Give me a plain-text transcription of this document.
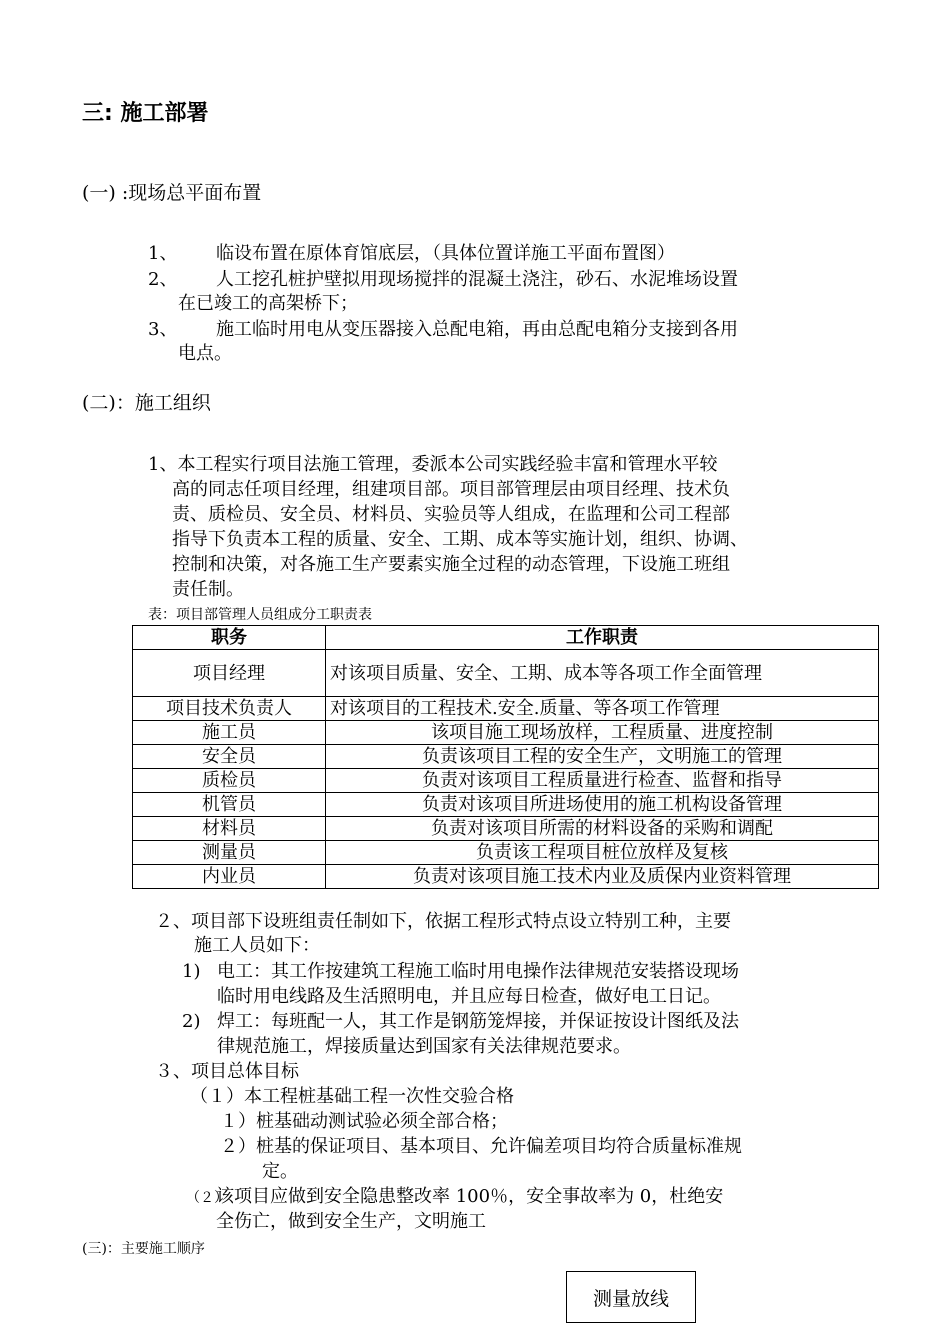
三: 施工部署
(一) :现场总平面布置
1、 临设布置在原体育馆底层，（具体位置详施工平面布置图）
2、 人工挖孔桩护壁拟用现场搅拌的混凝土浇注，砂石、水泥堆场设置
在已竣工的高架桥下；
3、 施工临时用电从变压器接入总配电箱，再由总配电箱分支接到各用
电点。
(二)：施工组织
1、本工程实行项目法施工管理，委派本公司实践经验丰富和管理水平较
高的同志任项目经理，组建项目部。项目部管理层由项目经理、技术负
责、质检员、安全员、材料员、实验员等人组成，在监理和公司工程部
指导下负责本工程的质量、安全、工期、成本等实施计划，组织、协调、
控制和决策，对各施工生产要素实施全过程的动态管理，下设施工班组
责任制。
表：项目部管理人员组成分工职责表
职务	工作职责
项目经理	对该项目质量、安全、工期、成本等各项工作全面管理
项目技术负责人	对该项目的工程技术.安全.质量、等各项工作管理
施工员	该项目施工现场放样，工程质量、进度控制
安全员	负责该项目工程的安全生产，文明施工的管理
质检员	负责对该项目工程质量进行检查、监督和指导
机管员	负责对该项目所进场使用的施工机构设备管理
材料员	负责对该项目所需的材料设备的采购和调配
测量员	负责该工程项目桩位放样及复核
内业员	负责对该项目施工技术内业及质保内业资料管理
２、项目部下设班组责任制如下，依据工程形式特点设立特别工种，主要
施工人员如下：
1) 电工：其工作按建筑工程施工临时用电操作法律规范安装搭设现场
临时用电线路及生活照明电，并且应每日检查，做好电工日记。
2) 焊工：每班配一人，其工作是钢筋笼焊接，并保证按设计图纸及法
律规范施工，焊接质量达到国家有关法律规范要求。
３、项目总体目标
（１）本工程桩基础工程一次性交验合格
１）桩基础动测试验必须全部合格；
２）桩基的保证项目、基本项目、允许偏差项目均符合质量标准规
定。
（２）
该项目应做到安全隐患整改率 100％，安全事故率为 0，杜绝安
全伤亡，做到安全生产，文明施工
(三)：主要施工顺序
测量放线
